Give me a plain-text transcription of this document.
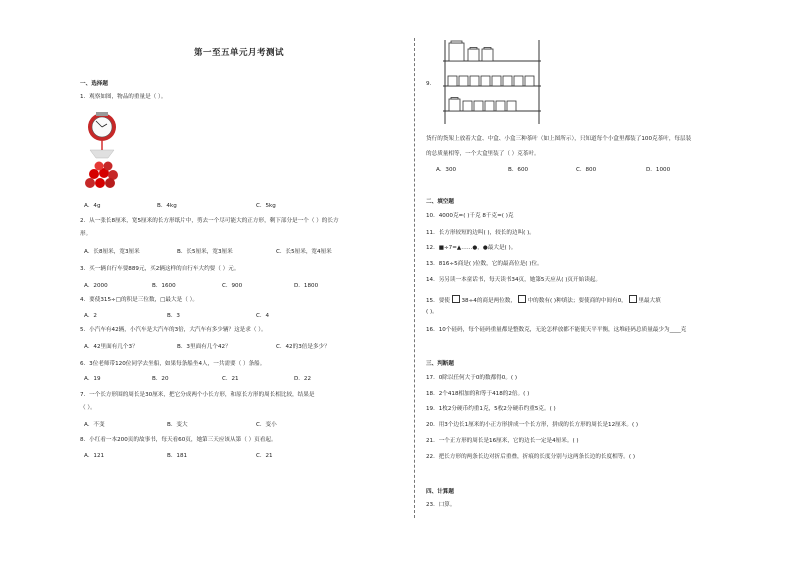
第一至五单元月考测试
一、选择题
1．观察如图，物品的重量是（ ）。
A．4g	B．4kg	C．5kg
2．从一张长8厘米，宽5厘米的长方形纸片中，剪去一个尽可能大的正方形，剩下部分是一个（ ）的长方
形。
A．长8厘米，宽3厘米	B．长5厘米，宽3厘米	C．长5厘米，宽4厘米
3．买一辆自行车要889元，买2辆这样的自行车大约要（ ）元。
A．2000	B．1600	C．900	D．1800
4．要使315÷□的积是三位数，□最大是（ ）。
A．2	B．3	C．4
5．小汽车有42辆，小汽车是大汽车的3倍，大汽车有多少辆？这是求（ ）。
A．42里面有几个3？	B．3里面有几个42？	C．42的3倍是多少？
6．3位老师带120位同学去坐船，如果每条船坐4人，一共需要（ ）条船。
A．19	B．20	C．21	D．22
7．一个长方形围的周长是30厘米，把它分成两个小长方形，和原长方形的周长相比较，结果是
（ ）。
A．不变	B．变大	C．变小
8．小红看一本200页的故事书，每天看60页，她第三天应该从第（ ）页看起。
A．121	B．181	C．21
9．
货行的货架上放着大盒、中盒、小盒三种茶叶（如上图所示），只知道每个小盒里都装了100克茶叶，每层装
的总质量相等，一个大盒里装了（ ）克茶叶。
A．300	B．600	C．800	D．1000
二、填空题
10．4000克=( )千克 8千克=( )克
11．长方形较短的边叫( )，较长的边叫( )。
12．■÷7=▲……●，●最大是( )。
13．816÷5商是( )位数，它的最高位是( )位。
14．另另读一本童话书，每天读书34页，她第5天应从( )页开始读起。
15．要使 38÷4的商是两位数， 中的数有( )种填法；要使商的中间有0， 里最大填
( )。
16．10个硅码，每个硅码重量都是整数克，无论怎样放都不能使天平平衡，这堆硅码总质量最少为____克
三、判断题
17．0除以任何大于0的数都得0。( )
18．2个418相加的和等于418的2倍。( )
19．1枚2分硬币约重1克，5枚2分硬币约重5克。( )
20．用3个边长1厘米的小正方形拼成一个长方形，拼成的长方形的周长是12厘米。( )
21．一个正方形的周长是16厘米，它的边长一定是4厘米。( )
22．把长方形的两条长边对折后重叠，折痕的长度分别与这两条长边的长度相等。( )
四、计算题
23．口算。
